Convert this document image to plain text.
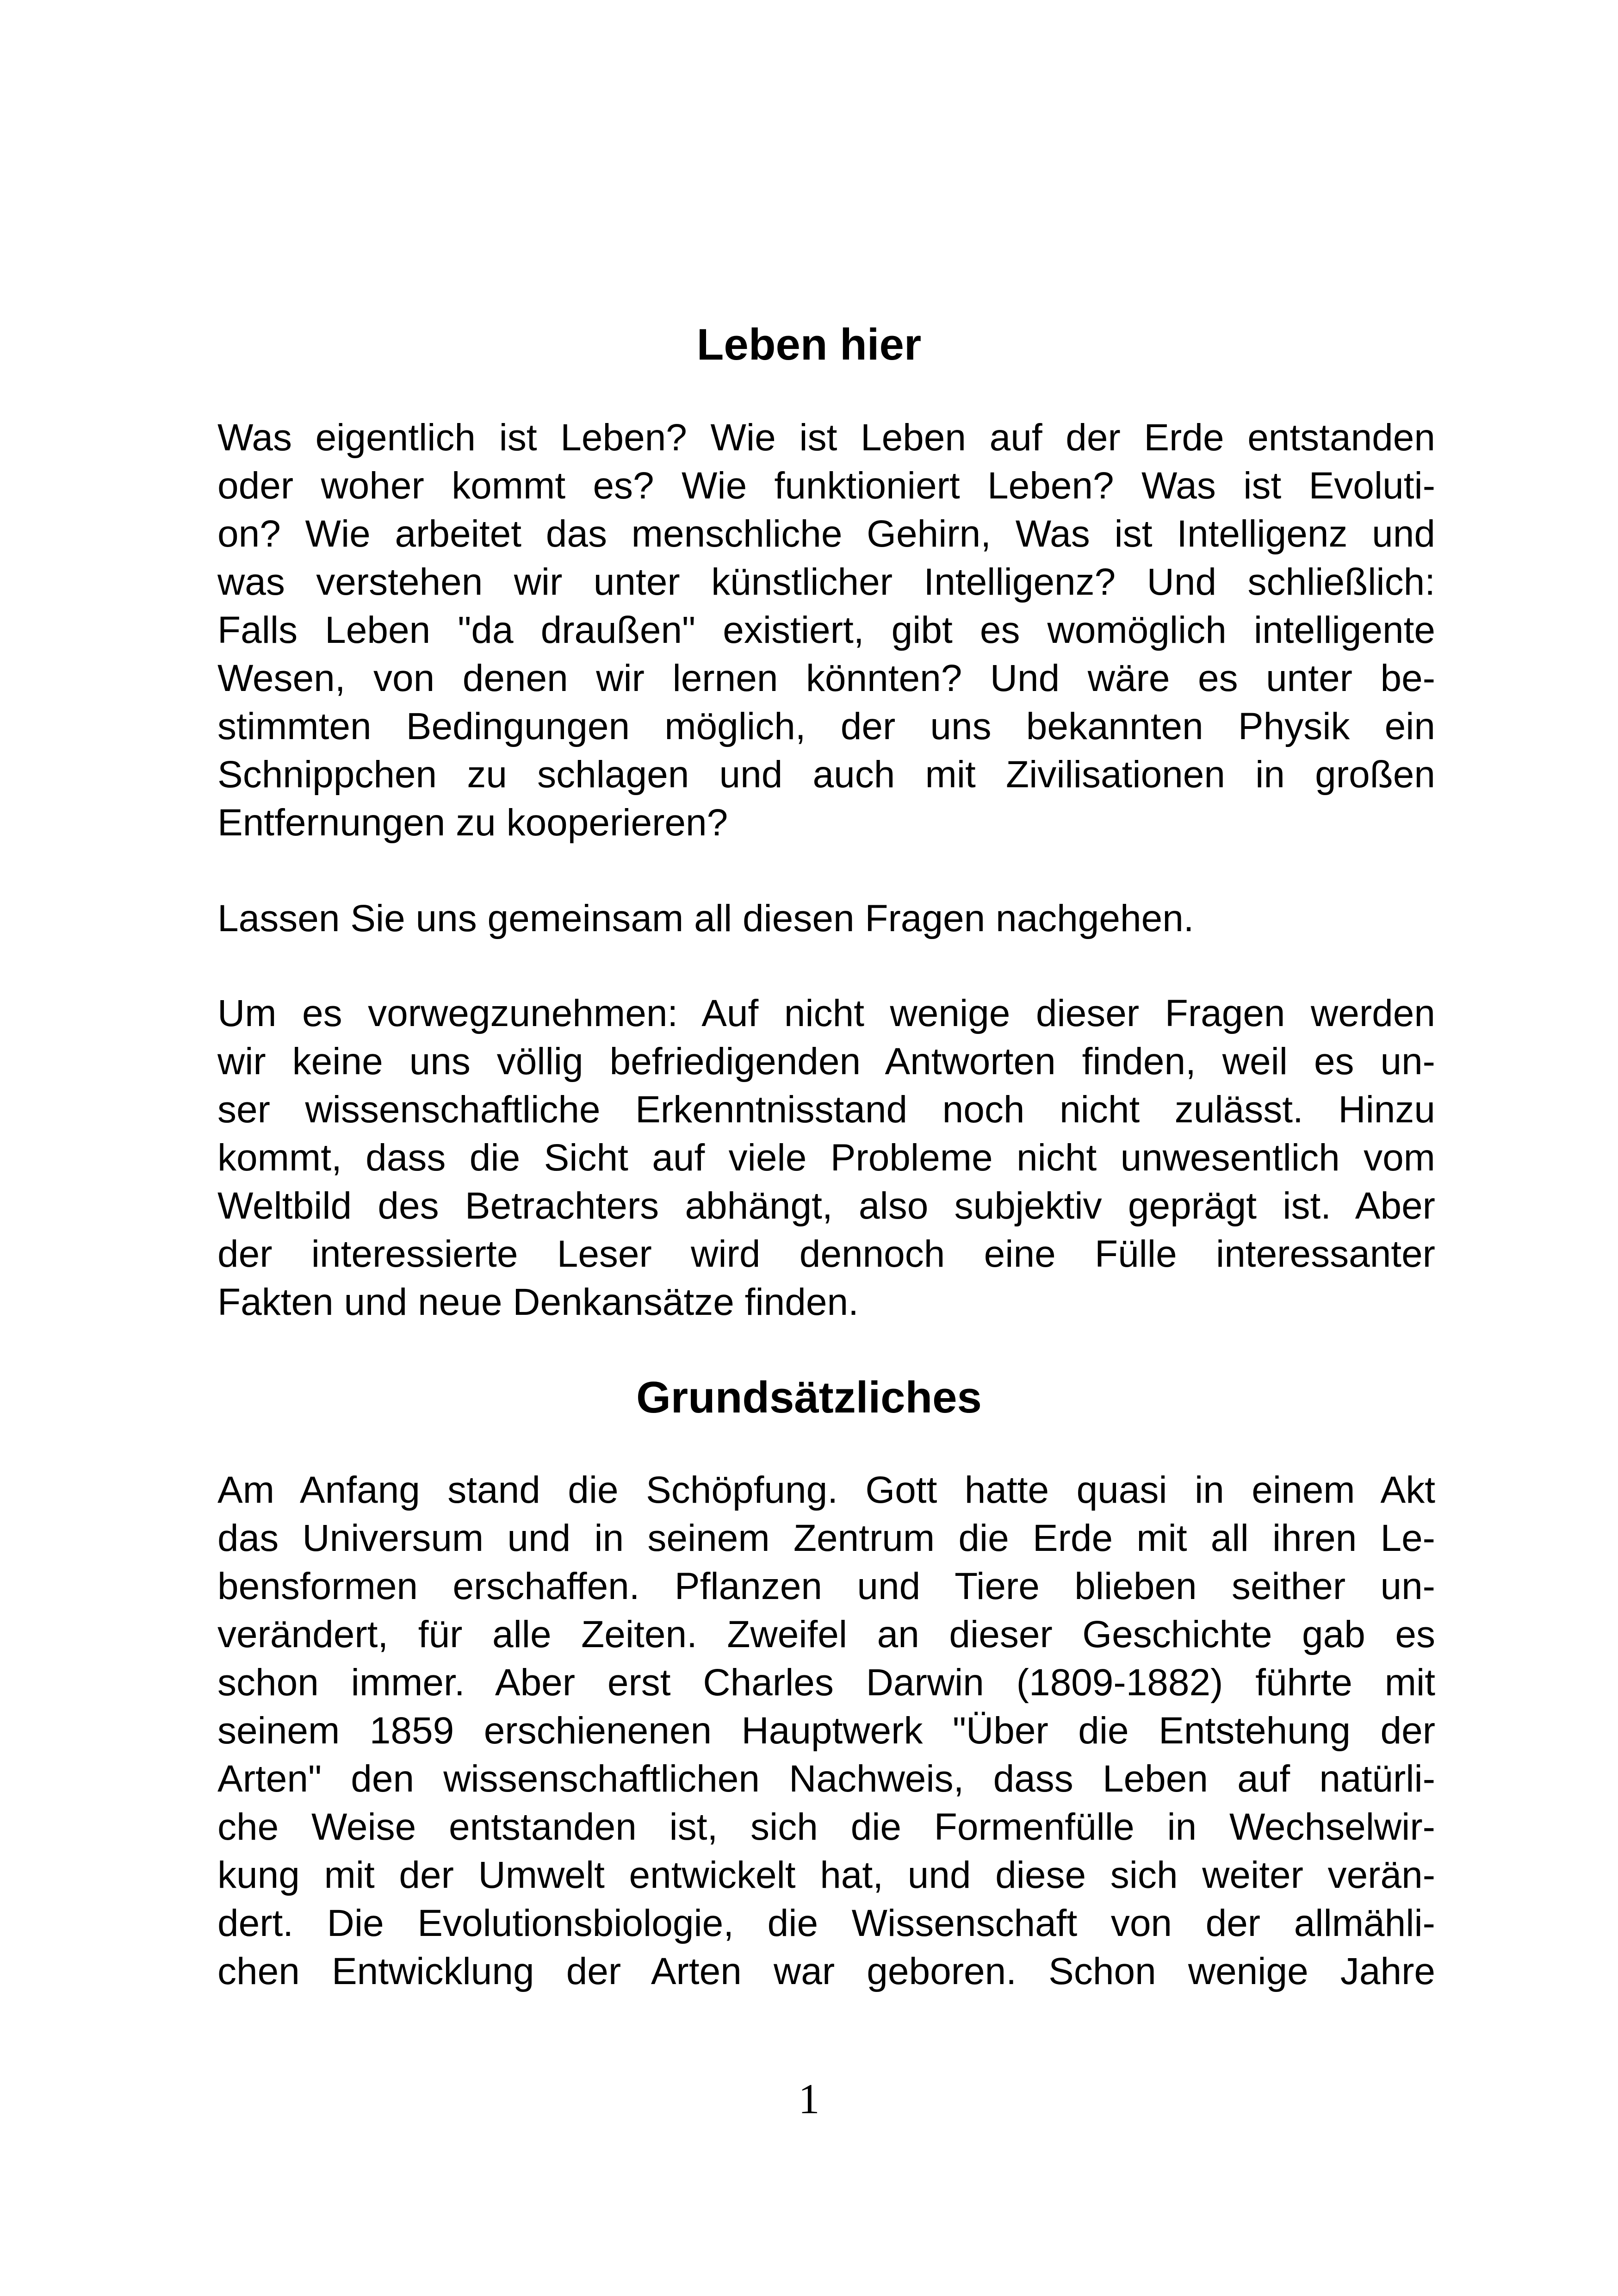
Leben hier
Was eigentlich ist Leben? Wie ist Leben auf der Erde entstanden
oder woher kommt es? Wie funktioniert Leben? Was ist Evoluti-
on? Wie arbeitet das menschliche Gehirn, Was ist Intelligenz und
was verstehen wir unter künstlicher Intelligenz? Und schließlich:
Falls Leben "da draußen" existiert, gibt es womöglich intelligente
Wesen, von denen wir lernen könnten? Und wäre es unter be-
stimmten Bedingungen möglich, der uns bekannten Physik ein
Schnippchen zu schlagen und auch mit Zivilisationen in großen
Entfernungen zu kooperieren?
Lassen Sie uns gemeinsam all diesen Fragen nachgehen.
Um es vorwegzunehmen: Auf nicht wenige dieser Fragen werden
wir keine uns völlig befriedigenden Antworten finden, weil es un-
ser wissenschaftliche Erkenntnisstand noch nicht zulässt. Hinzu
kommt, dass die Sicht auf viele Probleme nicht unwesentlich vom
Weltbild des Betrachters abhängt, also subjektiv geprägt ist. Aber
der interessierte Leser wird dennoch eine Fülle interessanter
Fakten und neue Denkansätze finden.
Grundsätzliches
Am Anfang stand die Schöpfung. Gott hatte quasi in einem Akt
das Universum und in seinem Zentrum die Erde mit all ihren Le-
bensformen erschaffen. Pflanzen und Tiere blieben seither un-
verändert, für alle Zeiten. Zweifel an dieser Geschichte gab es
schon immer. Aber erst Charles Darwin (1809-1882) führte mit
seinem 1859 erschienenen Hauptwerk "Über die Entstehung der
Arten" den wissenschaftlichen Nachweis, dass Leben auf natürli-
che Weise entstanden ist, sich die Formenfülle in Wechselwir-
kung mit der Umwelt entwickelt hat, und diese sich weiter verän-
dert. Die Evolutionsbiologie, die Wissenschaft von der allmähli-
chen Entwicklung der Arten war geboren. Schon wenige Jahre
1
